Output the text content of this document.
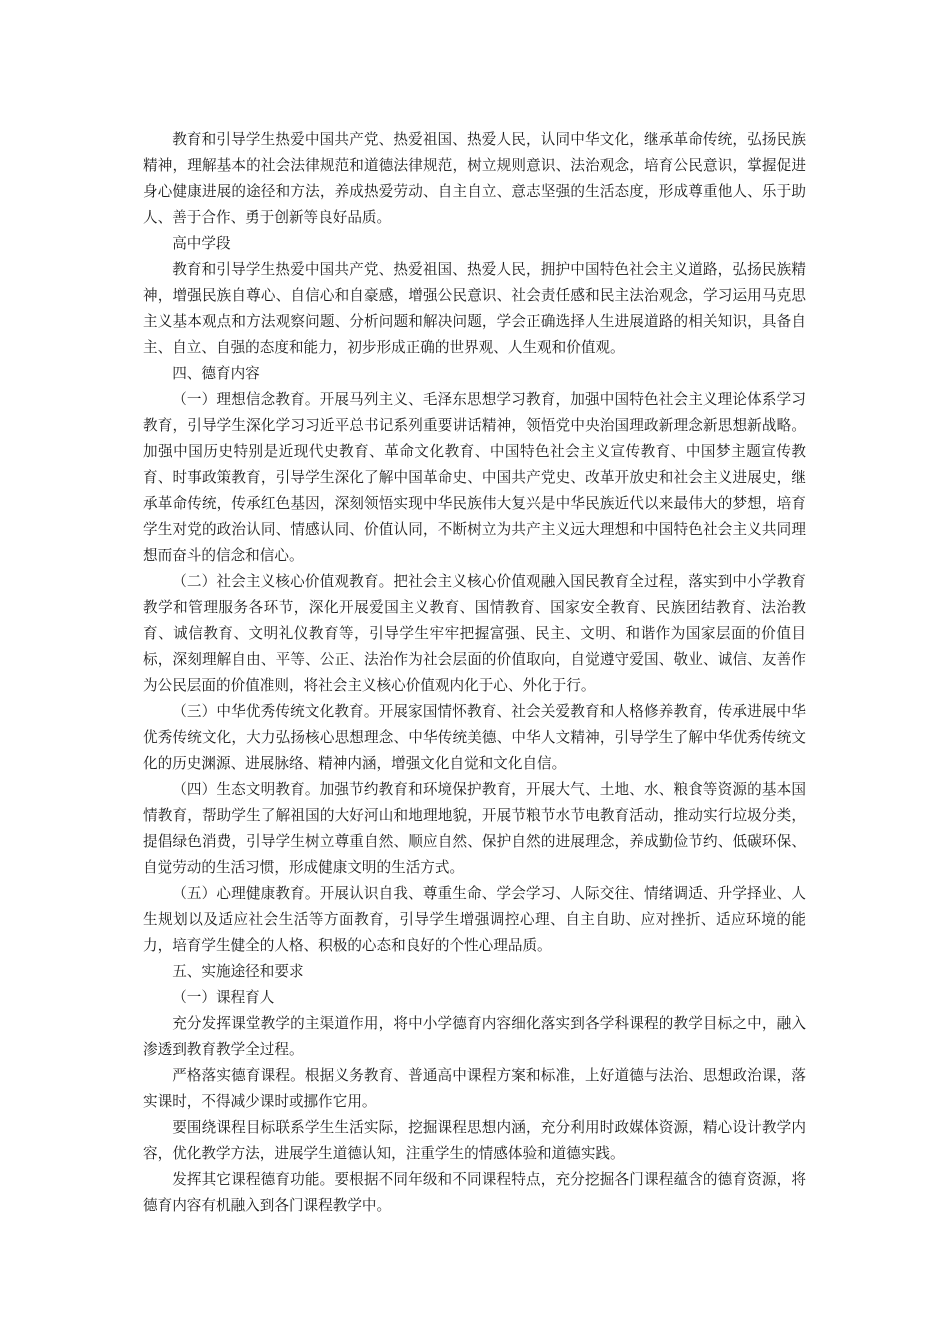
教育和引导学生热爱中国共产党、热爱祖国、热爱人民，认同中华文化，继承革命传统，弘扬民族精神，理解基本的社会法律规范和道德法律规范，树立规则意识、法治观念，培育公民意识，掌握促进身心健康进展的途径和方法，养成热爱劳动、自主自立、意志坚强的生活态度，形成尊重他人、乐于助人、善于合作、勇于创新等良好品质。

高中学段

教育和引导学生热爱中国共产党、热爱祖国、热爱人民，拥护中国特色社会主义道路，弘扬民族精神，增强民族自尊心、自信心和自豪感，增强公民意识、社会责任感和民主法治观念，学习运用马克思主义基本观点和方法观察问题、分析问题和解决问题，学会正确选择人生进展道路的相关知识，具备自主、自立、自强的态度和能力，初步形成正确的世界观、人生观和价值观。

四、德育内容

（一）理想信念教育。开展马列主义、毛泽东思想学习教育，加强中国特色社会主义理论体系学习教育，引导学生深化学习习近平总书记系列重要讲话精神，领悟党中央治国理政新理念新思想新战略。加强中国历史特别是近现代史教育、革命文化教育、中国特色社会主义宣传教育、中国梦主题宣传教育、时事政策教育，引导学生深化了解中国革命史、中国共产党史、改革开放史和社会主义进展史，继承革命传统，传承红色基因，深刻领悟实现中华民族伟大复兴是中华民族近代以来最伟大的梦想，培育学生对党的政治认同、情感认同、价值认同，不断树立为共产主义远大理想和中国特色社会主义共同理想而奋斗的信念和信心。

（二）社会主义核心价值观教育。把社会主义核心价值观融入国民教育全过程，落实到中小学教育教学和管理服务各环节，深化开展爱国主义教育、国情教育、国家安全教育、民族团结教育、法治教育、诚信教育、文明礼仪教育等，引导学生牢牢把握富强、民主、文明、和谐作为国家层面的价值目标，深刻理解自由、平等、公正、法治作为社会层面的价值取向，自觉遵守爱国、敬业、诚信、友善作为公民层面的价值准则，将社会主义核心价值观内化于心、外化于行。

（三）中华优秀传统文化教育。开展家国情怀教育、社会关爱教育和人格修养教育，传承进展中华优秀传统文化，大力弘扬核心思想理念、中华传统美德、中华人文精神，引导学生了解中华优秀传统文化的历史渊源、进展脉络、精神内涵，增强文化自觉和文化自信。

（四）生态文明教育。加强节约教育和环境保护教育，开展大气、土地、水、粮食等资源的基本国情教育，帮助学生了解祖国的大好河山和地理地貌，开展节粮节水节电教育活动，推动实行垃圾分类，提倡绿色消费，引导学生树立尊重自然、顺应自然、保护自然的进展理念，养成勤俭节约、低碳环保、自觉劳动的生活习惯，形成健康文明的生活方式。

（五）心理健康教育。开展认识自我、尊重生命、学会学习、人际交往、情绪调适、升学择业、人生规划以及适应社会生活等方面教育，引导学生增强调控心理、自主自助、应对挫折、适应环境的能力，培育学生健全的人格、积极的心态和良好的个性心理品质。

五、实施途径和要求

（一）课程育人

充分发挥课堂教学的主渠道作用，将中小学德育内容细化落实到各学科课程的教学目标之中，融入渗透到教育教学全过程。

严格落实德育课程。根据义务教育、普通高中课程方案和标准，上好道德与法治、思想政治课，落实课时，不得减少课时或挪作它用。

要围绕课程目标联系学生生活实际，挖掘课程思想内涵，充分利用时政媒体资源，精心设计教学内容，优化教学方法，进展学生道德认知，注重学生的情感体验和道德实践。

发挥其它课程德育功能。要根据不同年级和不同课程特点，充分挖掘各门课程蕴含的德育资源，将德育内容有机融入到各门课程教学中。
